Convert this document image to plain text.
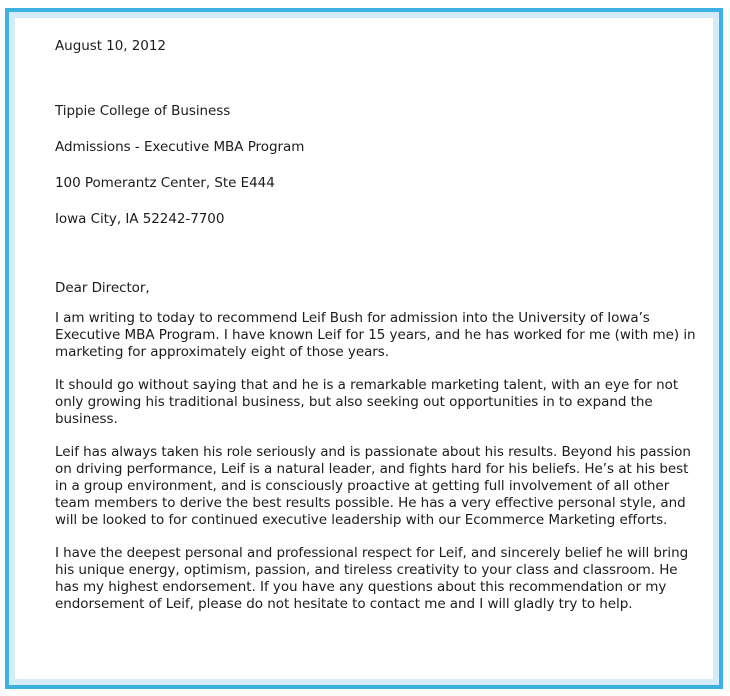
August 10, 2012
Tippie College of Business
Admissions - Executive MBA Program
100 Pomerantz Center, Ste E444
Iowa City, IA 52242-7700
Dear Director,

I am writing to today to recommend Leif Bush for admission into the University of Iowa’s Executive MBA Program. I have known Leif for 15 years, and he has worked for me (with me) in marketing for approximately eight of those years.

It should go without saying that and he is a remarkable marketing talent, with an eye for not only growing his traditional business, but also seeking out opportunities in to expand the business.

Leif has always taken his role seriously and is passionate about his results. Beyond his passion on driving performance, Leif is a natural leader, and fights hard for his beliefs. He’s at his best in a group environment, and is consciously proactive at getting full involvement of all other team members to derive the best results possible. He has a very effective personal style, and will be looked to for continued executive leadership with our Ecommerce Marketing efforts.

I have the deepest personal and professional respect for Leif, and sincerely belief he will bring his unique energy, optimism, passion, and tireless creativity to your class and classroom. He has my highest endorsement. If you have any questions about this recommendation or my endorsement of Leif, please do not hesitate to contact me and I will gladly try to help.
